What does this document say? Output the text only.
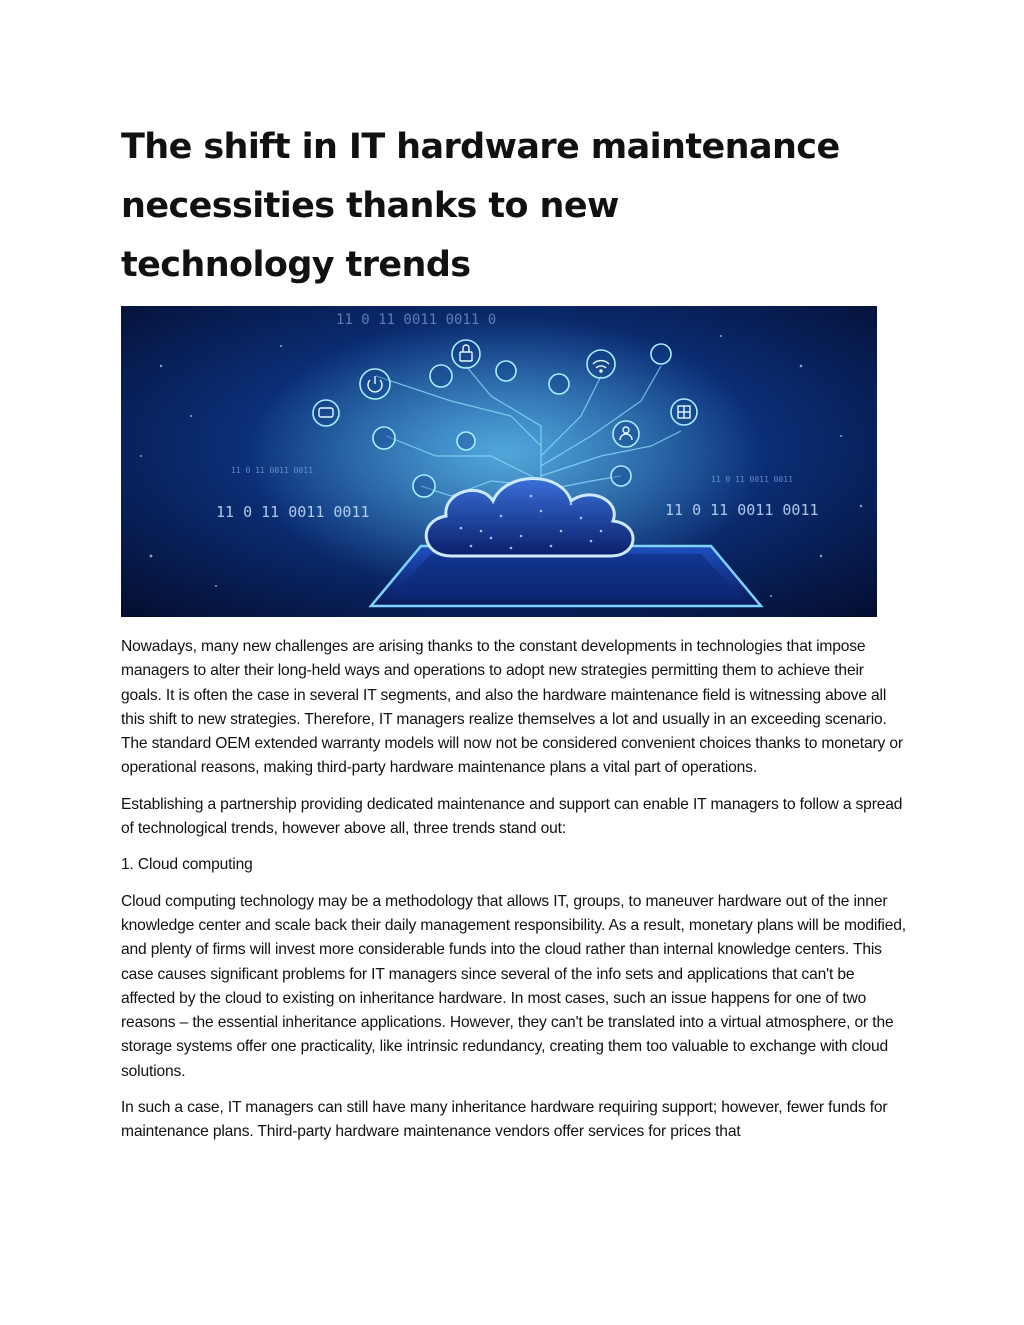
The shift in IT hardware maintenance necessities thanks to new technology trends
11 0 11 0011 0011 0
11 0 11 0011 0011
11 0 11 0011 0011
11 0 11 0011 0011
11 0 11 0011 0011

Nowadays, many new challenges are arising thanks to the constant developments in technologies that impose managers to alter their long-held ways and operations to adopt new strategies permitting them to achieve their goals. It is often the case in several IT segments, and also the hardware maintenance field is witnessing above all this shift to new strategies. Therefore, IT managers realize themselves a lot and usually in an exceeding scenario. The standard OEM extended warranty models will now not be considered convenient choices thanks to monetary or operational reasons, making third-party hardware maintenance plans a vital part of operations.

Establishing a partnership providing dedicated maintenance and support can enable IT managers to follow a spread of technological trends, however above all, three trends stand out:

1. Cloud computing

Cloud computing technology may be a methodology that allows IT, groups, to maneuver hardware out of the inner knowledge center and scale back their daily management responsibility. As a result, monetary plans will be modified, and plenty of firms will invest more considerable funds into the cloud rather than internal knowledge centers. This case causes significant problems for IT managers since several of the info sets and applications that can't be affected by the cloud to existing on inheritance hardware. In most cases, such an issue happens for one of two reasons – the essential inheritance applications. However, they can't be translated into a virtual atmosphere, or the storage systems offer one practicality, like intrinsic redundancy, creating them too valuable to exchange with cloud solutions.

In such a case, IT managers can still have many inheritance hardware requiring support; however, fewer funds for maintenance plans. Third-party hardware maintenance vendors offer services for prices that
